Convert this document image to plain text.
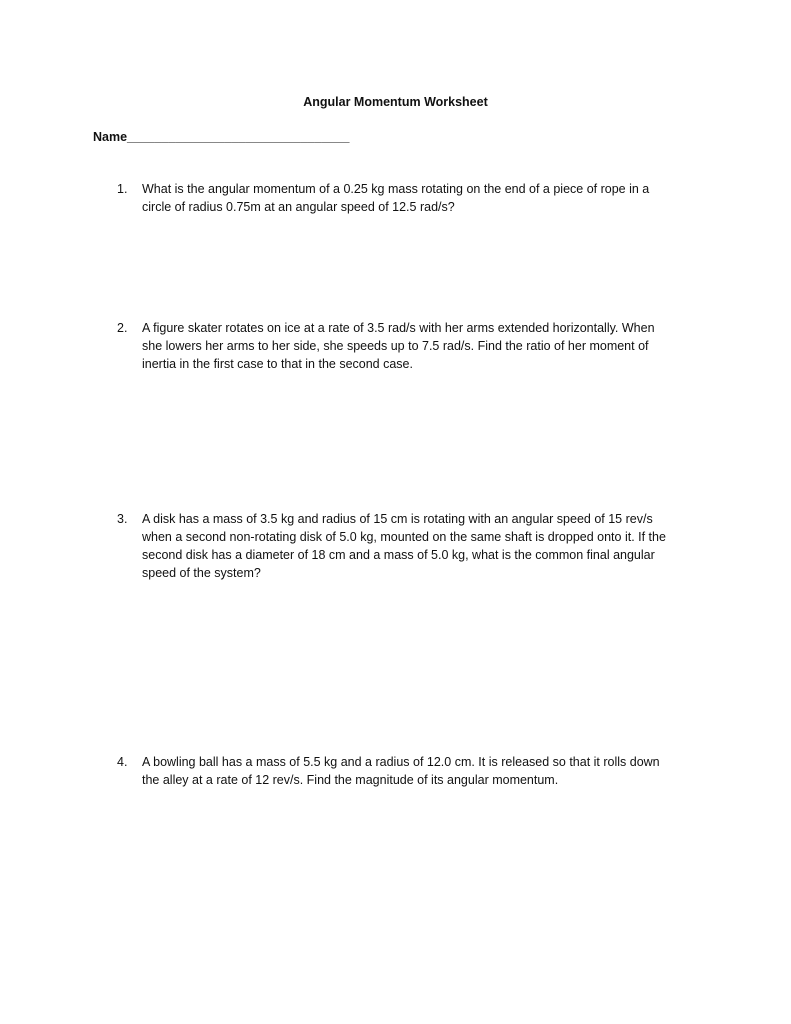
Angular Momentum Worksheet
Name________________________________
1.	What is the angular momentum of a 0.25 kg mass rotating on the end of a piece of rope in a
circle of radius 0.75m at an angular speed of 12.5 rad/s?
2.	A figure skater rotates on ice at a rate of 3.5 rad/s with her arms extended horizontally. When
she lowers her arms to her side, she speeds up to 7.5 rad/s. Find the ratio of her moment of
inertia in the first case to that in the second case.
3.	A disk has a mass of 3.5 kg and radius of 15 cm is rotating with an angular speed of 15 rev/s
when a second non-rotating disk of 5.0 kg, mounted on the same shaft is dropped onto it. If the
second disk has a diameter of 18 cm and a mass of 5.0 kg, what is the common final angular
speed of the system?
4.	A bowling ball has a mass of 5.5 kg and a radius of 12.0 cm. It is released so that it rolls down
the alley at a rate of 12 rev/s. Find the magnitude of its angular momentum.
